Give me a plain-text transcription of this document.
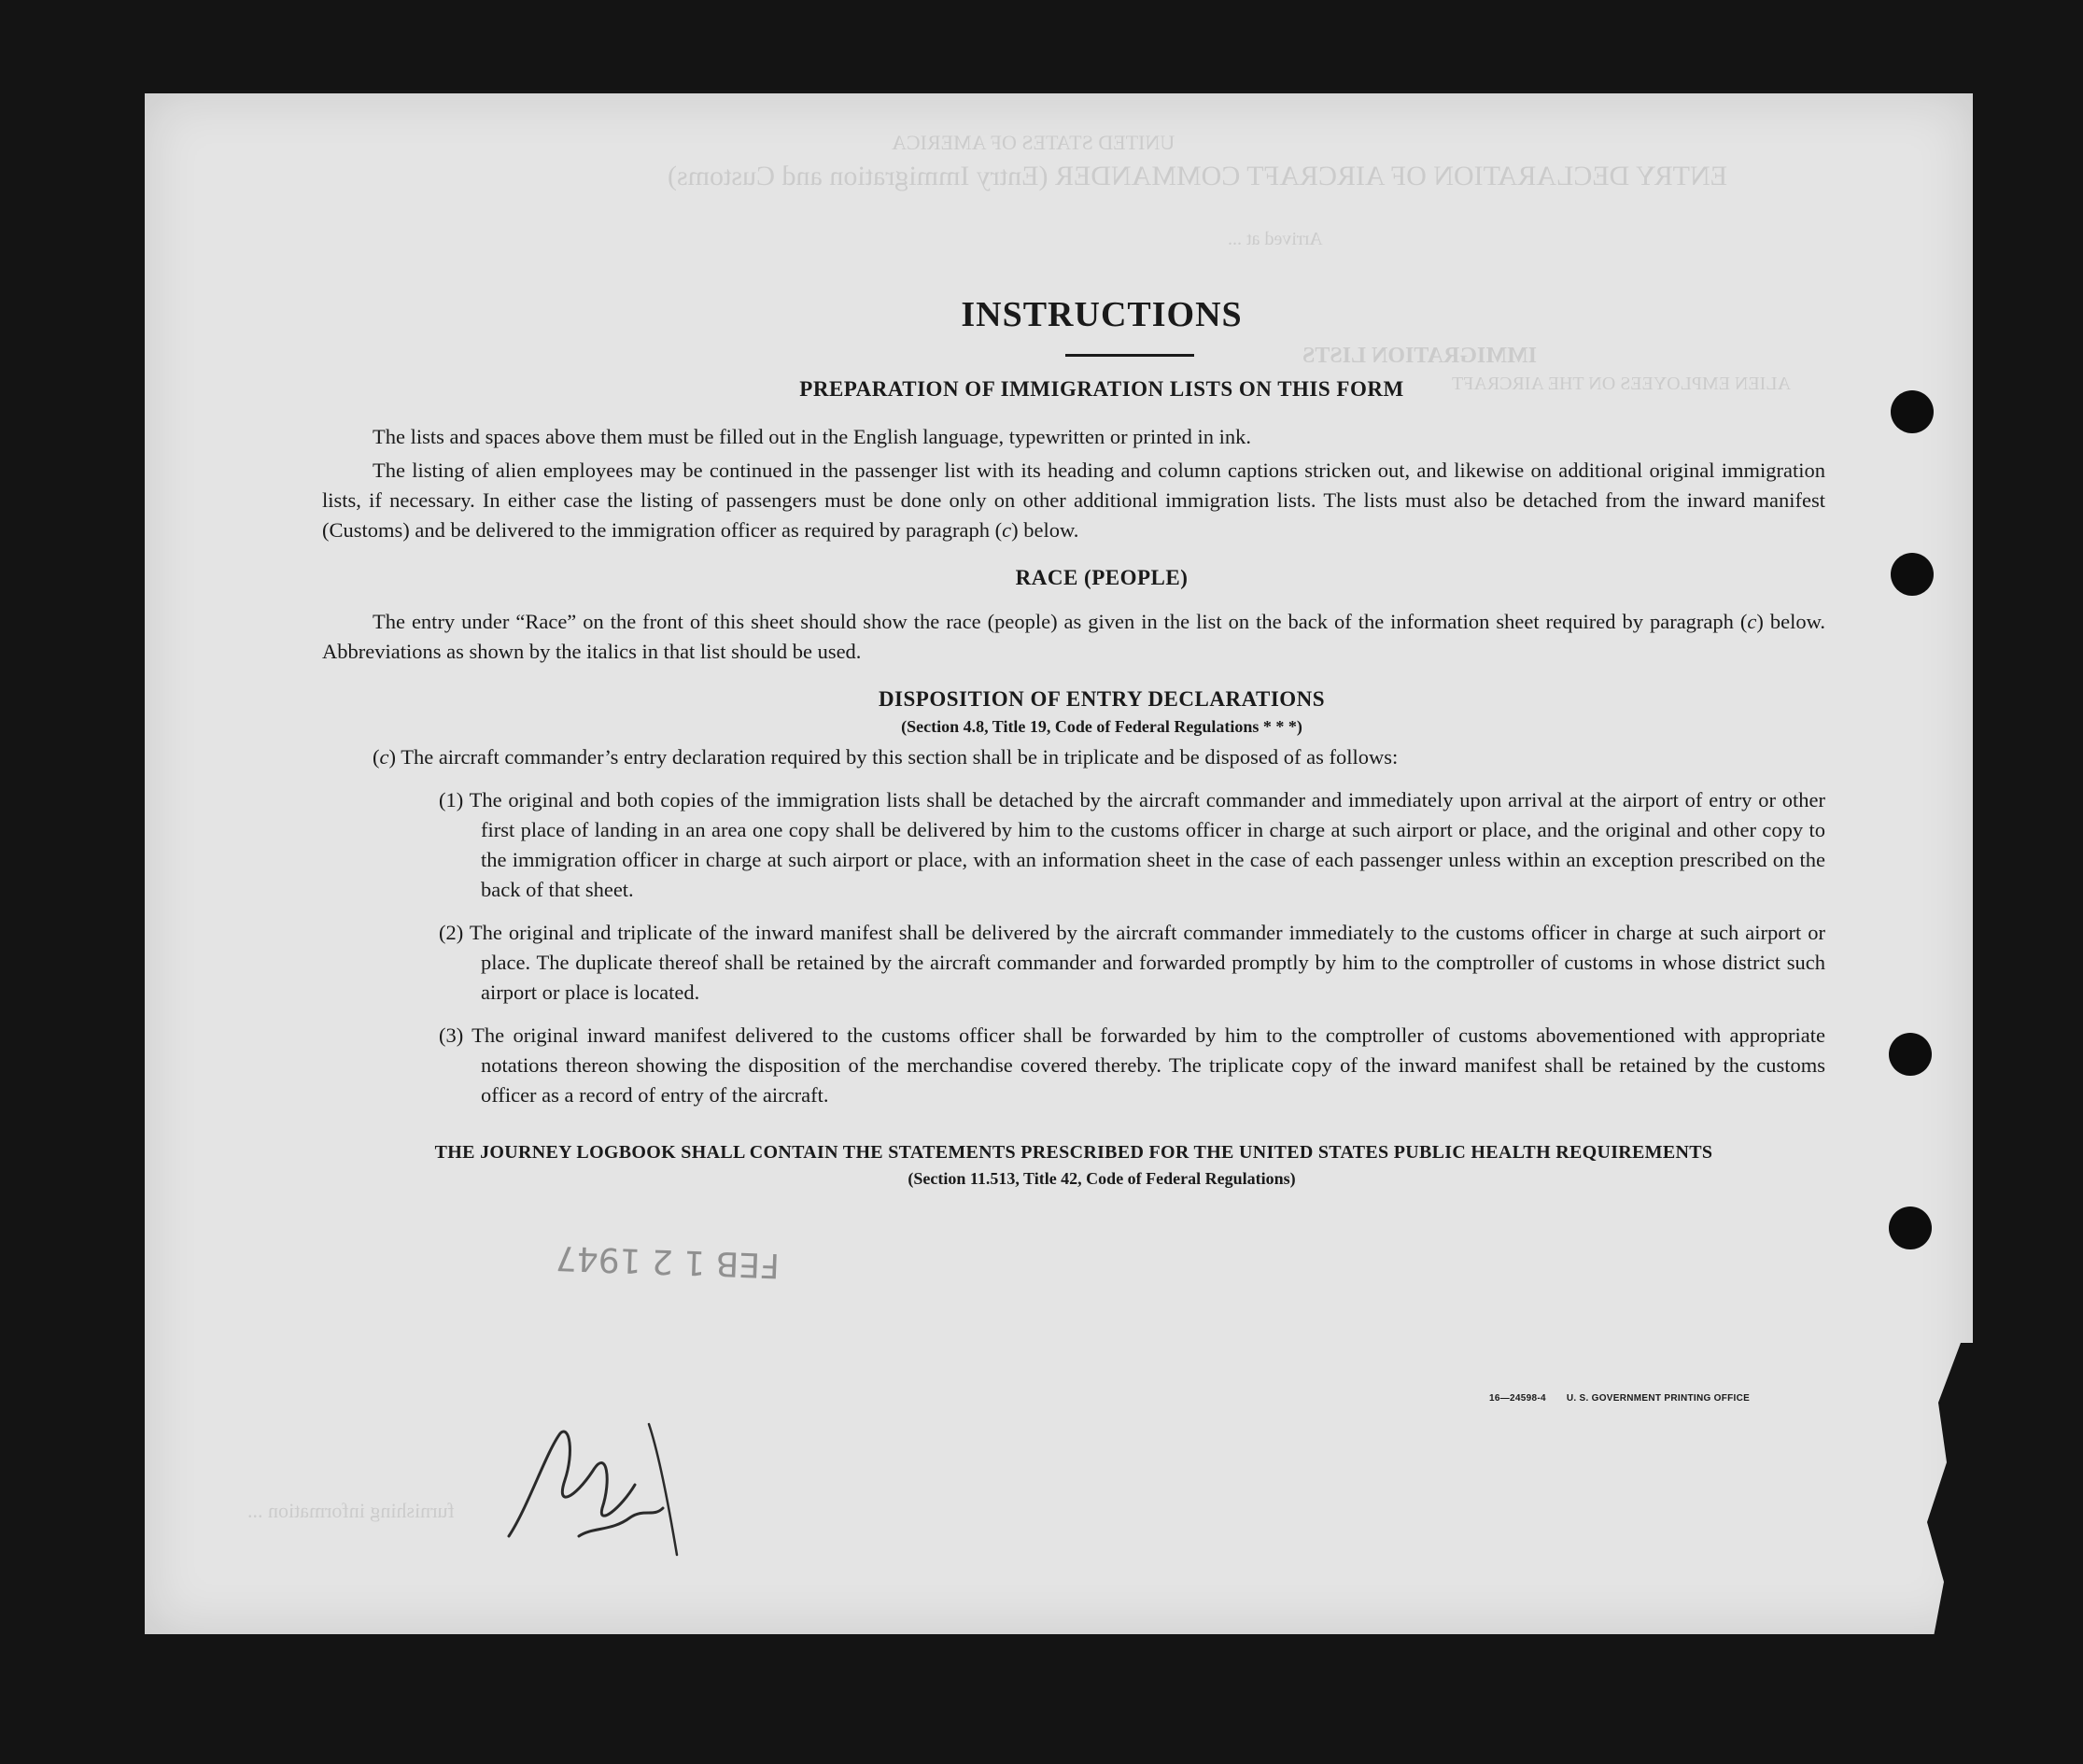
UNITED STATES OF AMERICA
ENTRY DECLARATION OF AIRCRAFT COMMANDER (Entry Immigration and Customs)
Arrived at ...
IMMIGRATION LISTS
ALIEN EMPLOYEES ON THE AIRCRAFT
furnishing information ...
INSTRUCTIONS
PREPARATION OF IMMIGRATION LISTS ON THIS FORM

The lists and spaces above them must be filled out in the English language, typewritten or printed in ink.

The listing of alien employees may be continued in the passenger list with its heading and column captions stricken out, and likewise on additional original immigration lists, if necessary. In either case the listing of passengers must be done only on other additional immigration lists. The lists must also be detached from the inward manifest (Customs) and be delivered to the immigration officer as required by paragraph (c) below.

RACE (PEOPLE)

The entry under “Race” on the front of this sheet should show the race (people) as given in the list on the back of the information sheet required by paragraph (c) below. Abbreviations as shown by the italics in that list should be used.

DISPOSITION OF ENTRY DECLARATIONS
(Section 4.8, Title 19, Code of Federal Regulations * * *)

(c) The aircraft commander’s entry declaration required by this section shall be in triplicate and be disposed of as follows:

(1) The original and both copies of the immigration lists shall be detached by the aircraft commander and immediately upon arrival at the airport of entry or other first place of landing in an area one copy shall be delivered by him to the customs officer in charge at such airport or place, and the original and other copy to the immigration officer in charge at such airport or place, with an information sheet in the case of each passenger unless within an exception prescribed on the back of that sheet.

(2) The original and triplicate of the inward manifest shall be delivered by the aircraft commander immediately to the customs officer in charge at such airport or place. The duplicate thereof shall be retained by the aircraft commander and forwarded promptly by him to the comptroller of customs in whose district such airport or place is located.

(3) The original inward manifest delivered to the customs officer shall be forwarded by him to the comptroller of customs abovementioned with appropriate notations thereon showing the disposition of the merchandise covered thereby. The triplicate copy of the inward manifest shall be retained by the customs officer as a record of entry of the aircraft.

THE JOURNEY LOGBOOK SHALL CONTAIN THE STATEMENTS PRESCRIBED FOR THE UNITED STATES PUBLIC HEALTH REQUIREMENTS
(Section 11.513, Title 42, Code of Federal Regulations)
16—24598-4 U. S. GOVERNMENT PRINTING OFFICE
FEB 1 2 1947
